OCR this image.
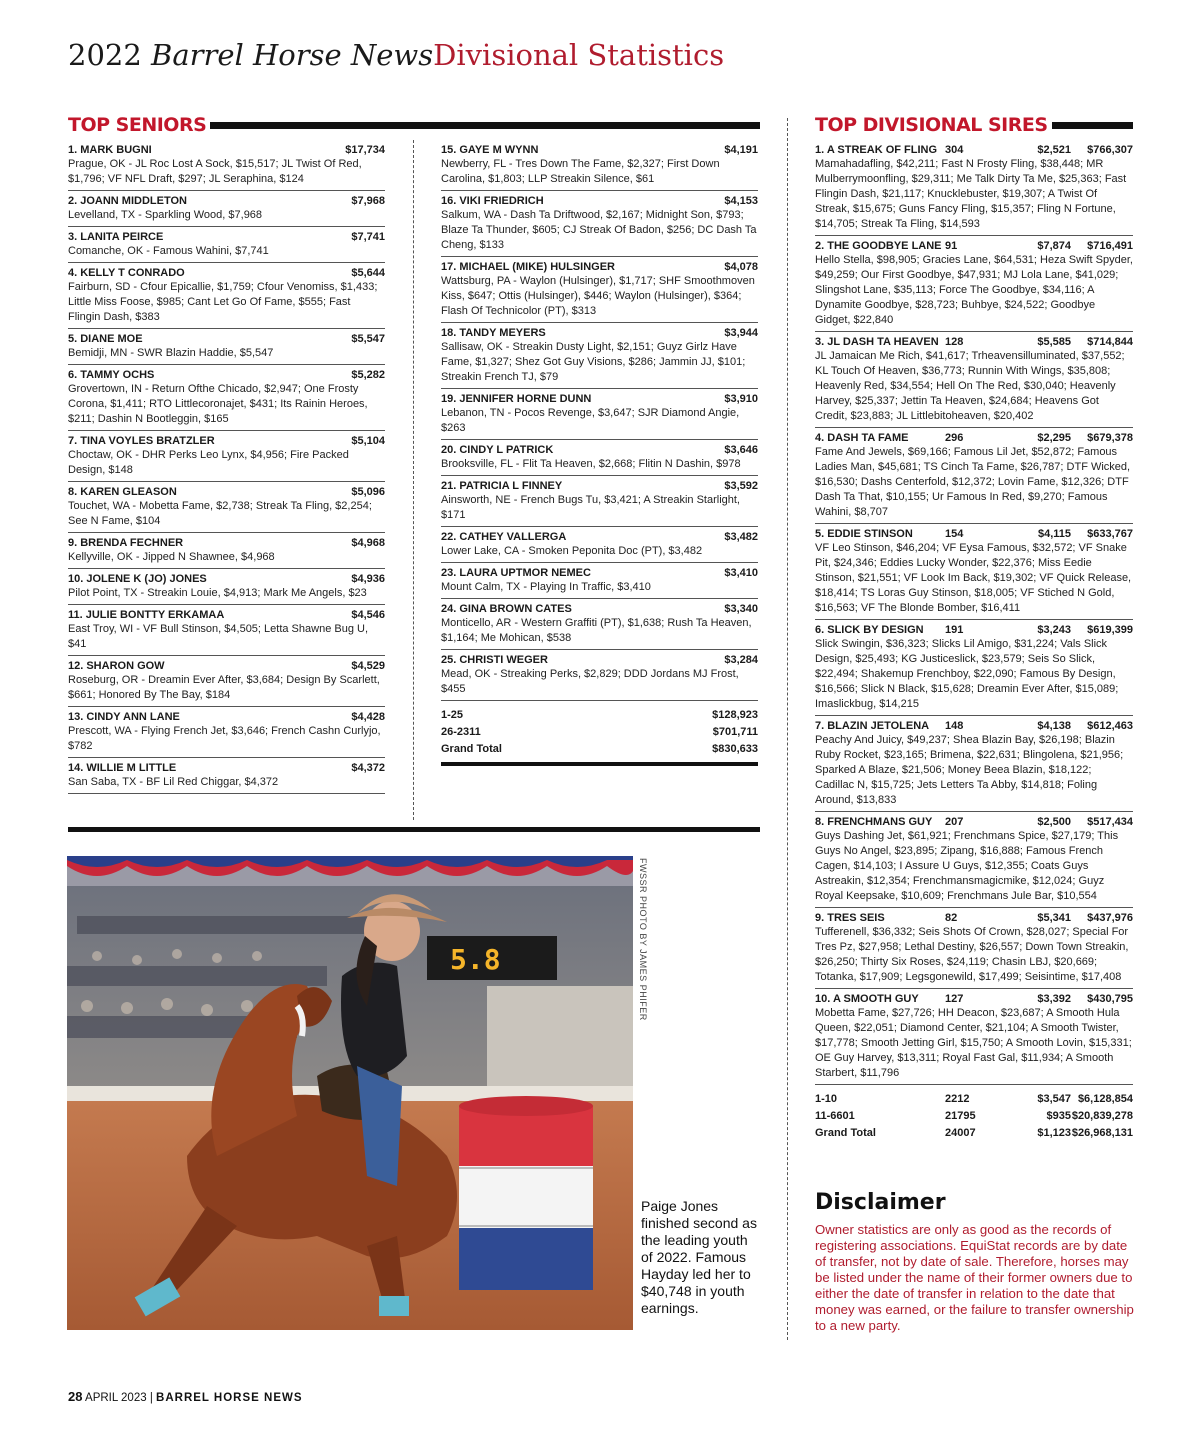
2022 Barrel Horse NewsDivisional Statistics
TOP SENIORS
1. MARK BUGNI	$17,734
Prague, OK - JL Roc Lost A Sock, $15,517; JL Twist Of Red, $1,796; VF NFL Draft, $297; JL Seraphina, $124
2. JOANN MIDDLETON	$7,968
Levelland, TX - Sparkling Wood, $7,968
3. LANITA PEIRCE	$7,741
Comanche, OK - Famous Wahini, $7,741
4. KELLY T CONRADO	$5,644
Fairburn, SD - Cfour Epicallie, $1,759; Cfour Venomiss, $1,433; Little Miss Foose, $985; Cant Let Go Of Fame, $555; Fast Flingin Dash, $383
5. DIANE MOE	$5,547
Bemidji, MN - SWR Blazin Haddie, $5,547
6. TAMMY OCHS	$5,282
Grovertown, IN - Return Ofthe Chicado, $2,947; One Frosty Corona, $1,411; RTO Littlecoronajet, $431; Its Rainin Heroes, $211; Dashin N Bootleggin, $165
7. TINA VOYLES BRATZLER	$5,104
Choctaw, OK - DHR Perks Leo Lynx, $4,956; Fire Packed Design, $148
8. KAREN GLEASON	$5,096
Touchet, WA - Mobetta Fame, $2,738; Streak Ta Fling, $2,254; See N Fame, $104
9. BRENDA FECHNER	$4,968
Kellyville, OK - Jipped N Shawnee, $4,968
10. JOLENE K (JO) JONES	$4,936
Pilot Point, TX - Streakin Louie, $4,913; Mark Me Angels, $23
11. JULIE BONTTY ERKAMAA	$4,546
East Troy, WI - VF Bull Stinson, $4,505; Letta Shawne Bug U, $41
12. SHARON GOW	$4,529
Roseburg, OR - Dreamin Ever After, $3,684; Design By Scarlett, $661; Honored By The Bay, $184
13. CINDY ANN LANE	$4,428
Prescott, WA - Flying French Jet, $3,646; French Cashn Curlyjo, $782
14. WILLIE M LITTLE	$4,372
San Saba, TX - BF Lil Red Chiggar, $4,372
15. GAYE M WYNN	$4,191
Newberry, FL - Tres Down The Fame, $2,327; First Down Carolina, $1,803; LLP Streakin Silence, $61
16. VIKI FRIEDRICH	$4,153
Salkum, WA - Dash Ta Driftwood, $2,167; Midnight Son, $793; Blaze Ta Thunder, $605; CJ Streak Of Badon, $256; DC Dash Ta Cheng, $133
17. MICHAEL (MIKE) HULSINGER	$4,078
Wattsburg, PA - Waylon (Hulsinger), $1,717; SHF Smoothmoven Kiss, $647; Ottis (Hulsinger), $446; Waylon (Hulsinger), $364; Flash Of Technicolor (PT), $313
18. TANDY MEYERS	$3,944
Sallisaw, OK - Streakin Dusty Light, $2,151; Guyz Girlz Have Fame, $1,327; Shez Got Guy Visions, $286; Jammin JJ, $101; Streakin French TJ, $79
19. JENNIFER HORNE DUNN	$3,910
Lebanon, TN - Pocos Revenge, $3,647; SJR Diamond Angie, $263
20. CINDY L PATRICK	$3,646
Brooksville, FL - Flit Ta Heaven, $2,668; Flitin N Dashin, $978
21. PATRICIA L FINNEY	$3,592
Ainsworth, NE - French Bugs Tu, $3,421; A Streakin Starlight, $171
22. CATHEY VALLERGA	$3,482
Lower Lake, CA - Smoken Peponita Doc (PT), $3,482
23. LAURA UPTMOR NEMEC	$3,410
Mount Calm, TX - Playing In Traffic, $3,410
24. GINA BROWN CATES	$3,340
Monticello, AR - Western Graffiti (PT), $1,638; Rush Ta Heaven, $1,164; Me Mohican, $538
25. CHRISTI WEGER	$3,284
Mead, OK - Streaking Perks, $2,829; DDD Jordans MJ Frost, $455
1-25	$128,923
26-2311	$701,711
Grand Total	$830,633
TOP DIVISIONAL SIRES
1. A STREAK OF FLING 304	$2,521	$766,307
Mamahadafling, $42,211; Fast N Frosty Fling, $38,448; MR Mulberrymoonfling, $29,311; Me Talk Dirty Ta Me, $25,363; Fast Flingin Dash, $21,117; Knucklebuster, $19,307; A Twist Of Streak, $15,675; Guns Fancy Fling, $15,357; Fling N Fortune, $14,705; Streak Ta Fling, $14,593
2. THE GOODBYE LANE 91	$7,874	$716,491
Hello Stella, $98,905; Gracies Lane, $64,531; Heza Swift Spyder, $49,259; Our First Goodbye, $47,931; MJ Lola Lane, $41,029; Slingshot Lane, $35,113; Force The Goodbye, $34,116; A Dynamite Goodbye, $28,723; Buhbye, $24,522; Goodbye Gidget, $22,840
3. JL DASH TA HEAVEN 128	$5,585	$714,844
JL Jamaican Me Rich, $41,617; Trheavensilluminated, $37,552; KL Touch Of Heaven, $36,773; Runnin With Wings, $35,808; Heavenly Red, $34,554; Hell On The Red, $30,040; Heavenly Harvey, $25,337; Jettin Ta Heaven, $24,684; Heavens Got Credit, $23,883; JL Littlebitoheaven, $20,402
4. DASH TA FAME	296	$2,295	$679,378
Fame And Jewels, $69,166; Famous Lil Jet, $52,872; Famous Ladies Man, $45,681; TS Cinch Ta Fame, $26,787; DTF Wicked, $16,530; Dashs Centerfold, $12,372; Lovin Fame, $12,326; DTF Dash Ta That, $10,155; Ur Famous In Red, $9,270; Famous Wahini, $8,707
5. EDDIE STINSON	154	$4,115	$633,767
VF Leo Stinson, $46,204; VF Eysa Famous, $32,572; VF Snake Pit, $24,346; Eddies Lucky Wonder, $22,376; Miss Eedie Stinson, $21,551; VF Look Im Back, $19,302; VF Quick Release, $18,414; TS Loras Guy Stinson, $18,005; VF Stiched N Gold, $16,563; VF The Blonde Bomber, $16,411
6. SLICK BY DESIGN	191	$3,243	$619,399
Slick Swingin, $36,323; Slicks Lil Amigo, $31,224; Vals Slick Design, $25,493; KG Justiceslick, $23,579; Seis So Slick, $22,494; Shakemup Frenchboy, $22,090; Famous By Design, $16,566; Slick N Black, $15,628; Dreamin Ever After, $15,089; Imaslickbug, $14,215
7. BLAZIN JETOLENA	148	$4,138	$612,463
Peachy And Juicy, $49,237; Shea Blazin Bay, $26,198; Blazin Ruby Rocket, $23,165; Brimena, $22,631; Blingolena, $21,956; Sparked A Blaze, $21,506; Money Beea Blazin, $18,122; Cadillac N, $15,725; Jets Letters Ta Abby, $14,818; Foling Around, $13,833
8. FRENCHMANS GUY	207	$2,500	$517,434
Guys Dashing Jet, $61,921; Frenchmans Spice, $27,179; This Guys No Angel, $23,895; Zipang, $16,888; Famous French Cagen, $14,103; I Assure U Guys, $12,355; Coats Guys Astreakin, $12,354; Frenchmansmagicmike, $12,024; Guyz Royal Keepsake, $10,609; Frenchmans Jule Bar, $10,554
9. TRES SEIS	82	$5,341	$437,976
Tufferenell, $36,332; Seis Shots Of Crown, $28,027; Special For Tres Pz, $27,958; Lethal Destiny, $26,557; Down Town Streakin, $26,250; Thirty Six Roses, $24,119; Chasin LBJ, $20,669; Totanka, $17,909; Legsgonewild, $17,499; Seisintime, $17,408
10. A SMOOTH GUY	127	$3,392	$430,795
Mobetta Fame, $27,726; HH Deacon, $23,687; A Smooth Hula Queen, $22,051; Diamond Center, $21,104; A Smooth Twister, $17,778; Smooth Jetting Girl, $15,750; A Smooth Lovin, $15,331; OE Guy Harvey, $13,311; Royal Fast Gal, $11,934; A Smooth Starbert, $11,796
1-10	2212	$3,547 $6,128,854
11-6601	21795	$935 $20,839,278
Grand Total	24007	$1,123 $26,968,131
5.8	FWSSR PHOTO BY JAMES PHIFER
Paige Jones finished second as the leading youth of 2022. Famous Hayday led her to $40,748 in youth earnings.
Disclaimer
Owner statistics are only as good as the records of registering associations. EquiStat records are by date of transfer, not by date of sale. Therefore, horses may be listed under the name of their former owners due to either the date of transfer in relation to the date that money was earned, or the failure to transfer ownership to a new party.
28 APRIL 2023 | BARREL HORSE NEWS
